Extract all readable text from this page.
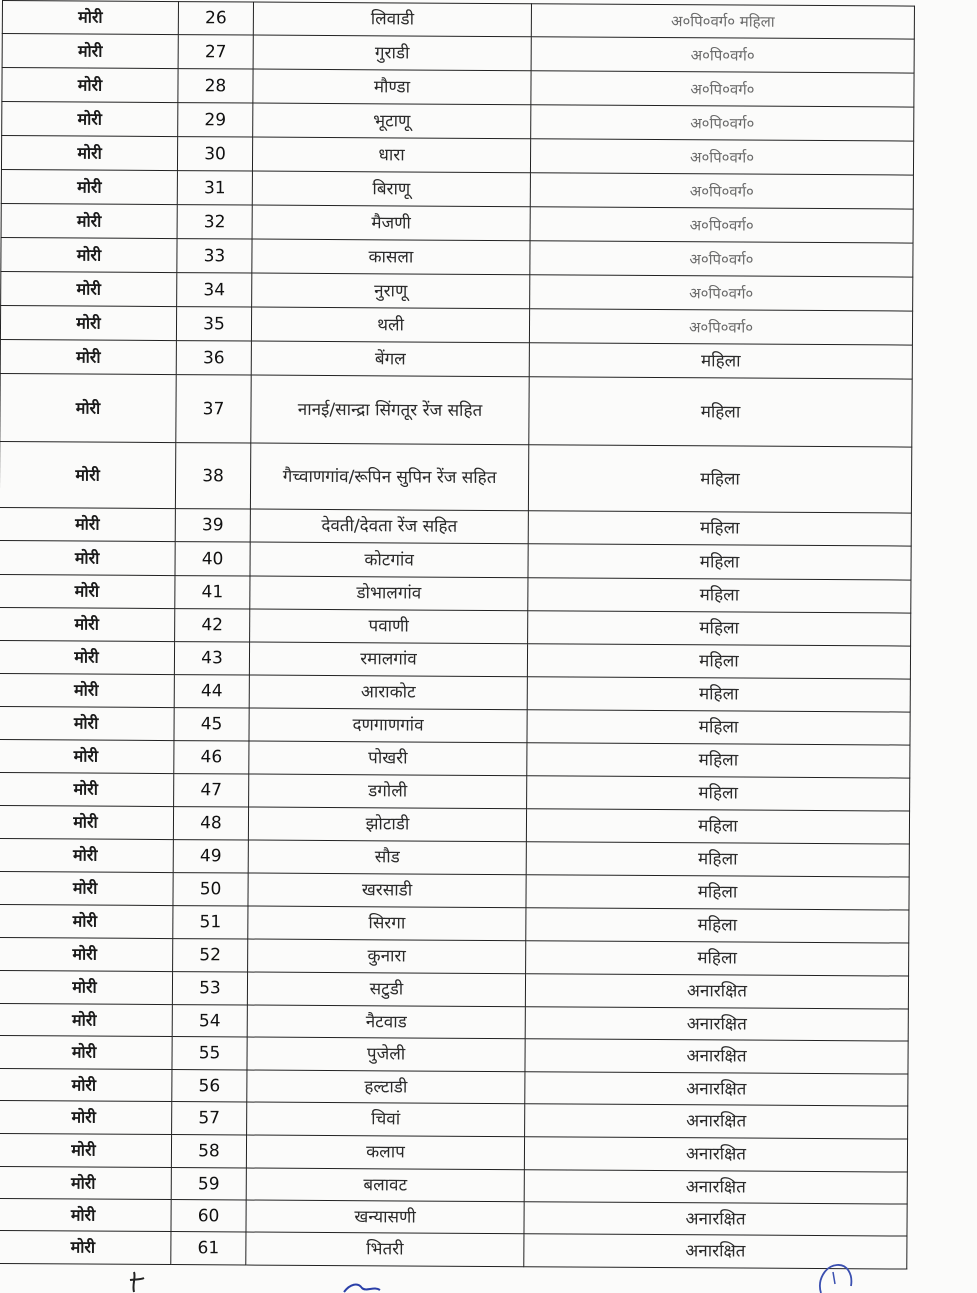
मोरी	26	लिवाडी	अ०पि०वर्ग० महिला
मोरी	27	गुराडी	अ०पि०वर्ग०
मोरी	28	मौण्डा	अ०पि०वर्ग०
मोरी	29	भूटाणू	अ०पि०वर्ग०
मोरी	30	धारा	अ०पि०वर्ग०
मोरी	31	बिराणू	अ०पि०वर्ग०
मोरी	32	मैजणी	अ०पि०वर्ग०
मोरी	33	कासला	अ०पि०वर्ग०
मोरी	34	नुराणू	अ०पि०वर्ग०
मोरी	35	थली	अ०पि०वर्ग०
मोरी	36	बेंगल	महिला
मोरी	37	नानई/सान्द्रा सिंगतूर रेंज सहित	महिला
मोरी	38	गैच्वाणगांव/रूपिन सुपिन रेंज सहित	महिला
मोरी	39	देवती/देवता रेंज सहित	महिला
मोरी	40	कोटगांव	महिला
मोरी	41	डोभालगांव	महिला
मोरी	42	पवाणी	महिला
मोरी	43	रमालगांव	महिला
मोरी	44	आराकोट	महिला
मोरी	45	दणगाणगांव	महिला
मोरी	46	पोखरी	महिला
मोरी	47	डगोली	महिला
मोरी	48	झोटाडी	महिला
मोरी	49	सौड	महिला
मोरी	50	खरसाडी	महिला
मोरी	51	सिरगा	महिला
मोरी	52	कुनारा	महिला
मोरी	53	सटुडी	अनारक्षित
मोरी	54	नैटवाड	अनारक्षित
मोरी	55	पुजेली	अनारक्षित
मोरी	56	हल्टाडी	अनारक्षित
मोरी	57	चिवां	अनारक्षित
मोरी	58	कलाप	अनारक्षित
मोरी	59	बलावट	अनारक्षित
मोरी	60	खन्यासणी	अनारक्षित
मोरी	61	भितरी	अनारक्षित
